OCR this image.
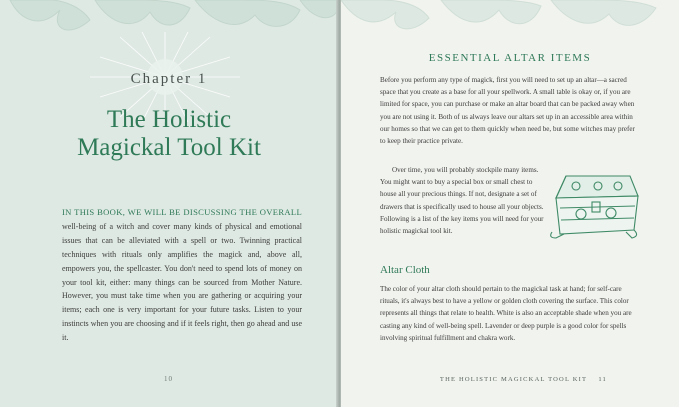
Chapter 1
The Holistic
Magickal Tool Kit
IN THIS BOOK, WE WILL BE DISCUSSING THE OVERALL well-being of a witch and cover many kinds of physical and emotional issues that can be alleviated with a spell or two. Twinning practical techniques with rituals only amplifies the magick and, above all, empowers you, the spellcaster. You don't need to spend lots of money on your tool kit, either: many things can be sourced from Mother Nature. However, you must take time when you are gathering or acquiring your items; each one is very important for your future tasks. Listen to your instincts when you are choosing and if it feels right, then go ahead and use it.
10
ESSENTIAL ALTAR ITEMS
Before you perform any type of magick, first you will need to set up an altar—a sacred space that you create as a base for all your spellwork. A small table is okay or, if you are limited for space, you can purchase or make an altar board that can be packed away when you are not using it. Both of us always leave our altars set up in an accessible area within our homes so that we can get to them quickly when need be, but some witches may prefer to keep their practice private.
Over time, you will probably stockpile many items. You might want to buy a special box or small chest to house all your precious things. If not, designate a set of drawers that is specifically used to house all your objects. Following is a list of the key items you will need for your holistic magickal tool kit.
Altar Cloth
The color of your altar cloth should pertain to the magickal task at hand; for self-care rituals, it's always best to have a yellow or golden cloth covering the surface. This color represents all things that relate to health. White is also an acceptable shade when you are casting any kind of well-being spell. Lavender or deep purple is a good color for spells involving spiritual fulfillment and chakra work.
THE HOLISTIC MAGICKAL TOOL KIT 11
